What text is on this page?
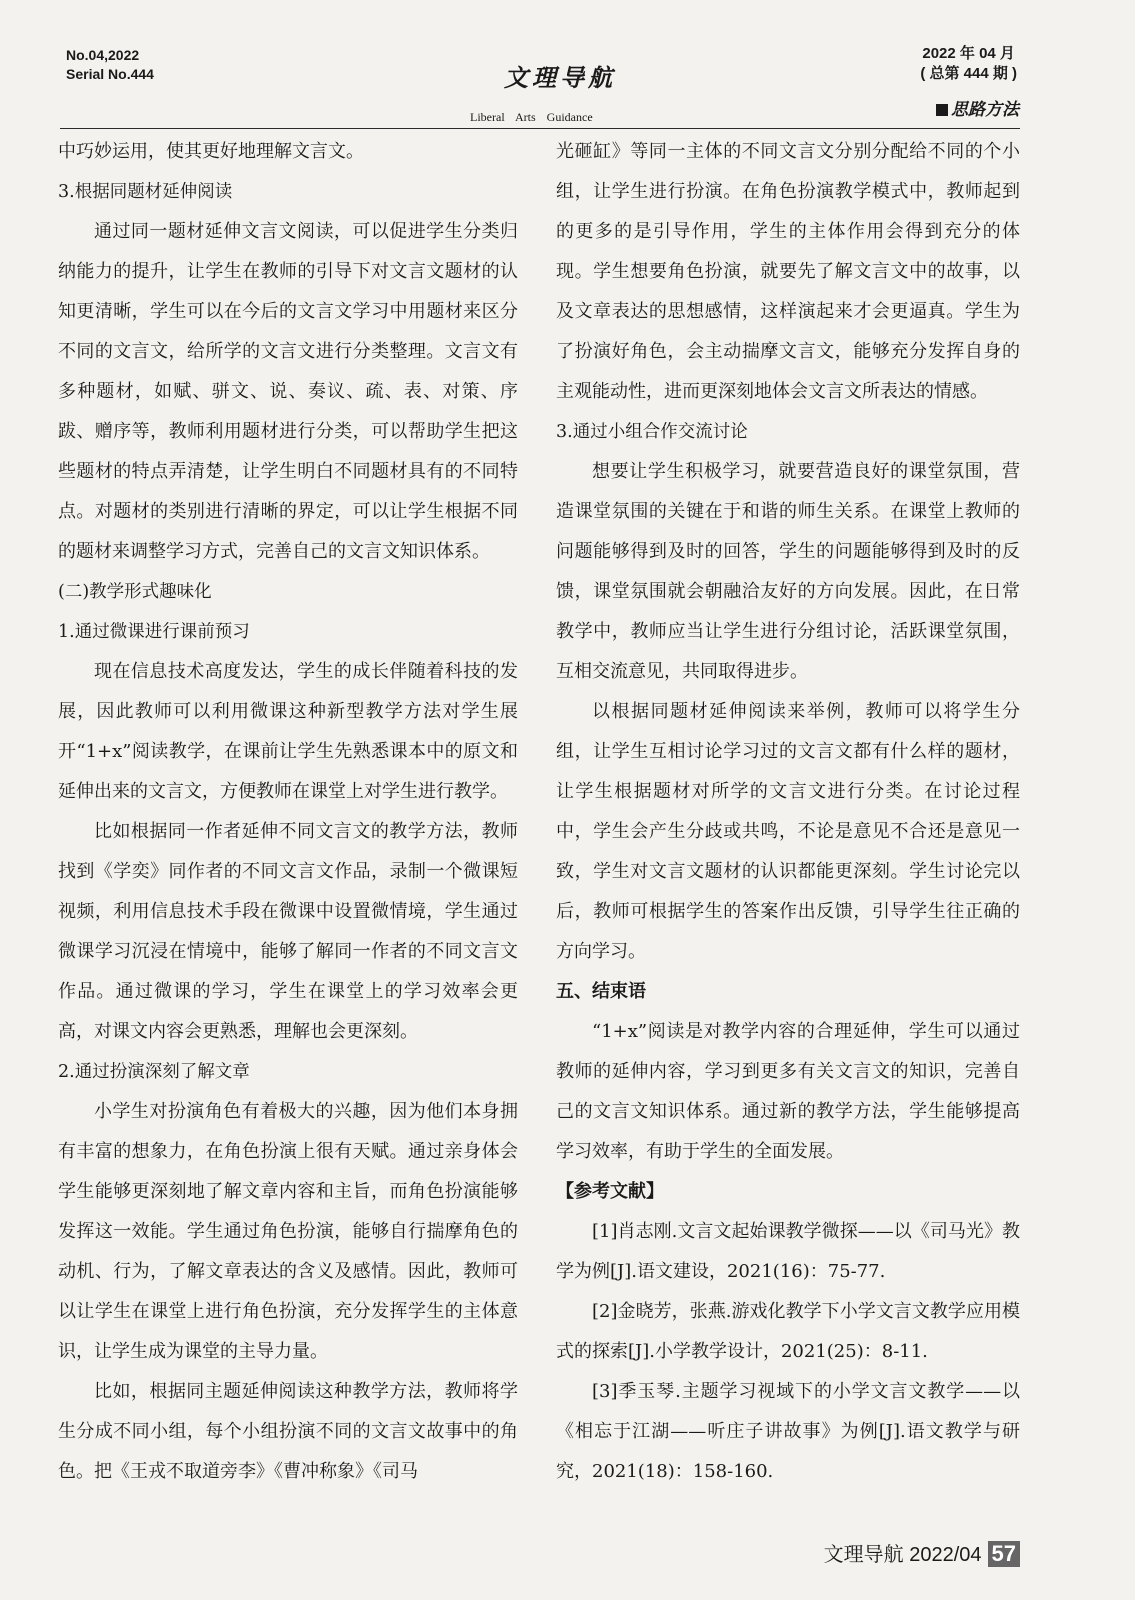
No.04,2022
Serial No.444	文理导航
Liberal Arts Guidance
2022 年 04 月
( 总第 444 期 )
思路方法

中巧妙运用，使其更好地理解文言文。

3.根据同题材延伸阅读

通过同一题材延伸文言文阅读，可以促进学生分类归纳能力的提升，让学生在教师的引导下对文言文题材的认知更清晰，学生可以在今后的文言文学习中用题材来区分不同的文言文，给所学的文言文进行分类整理。文言文有多种题材，如赋、骈文、说、奏议、疏、表、对策、序跋、赠序等，教师利用题材进行分类，可以帮助学生把这些题材的特点弄清楚，让学生明白不同题材具有的不同特点。对题材的类别进行清晰的界定，可以让学生根据不同的题材来调整学习方式，完善自己的文言文知识体系。

(二)教学形式趣味化

1.通过微课进行课前预习

现在信息技术高度发达，学生的成长伴随着科技的发展，因此教师可以利用微课这种新型教学方法对学生展开“1+x”阅读教学，在课前让学生先熟悉课本中的原文和延伸出来的文言文，方便教师在课堂上对学生进行教学。

比如根据同一作者延伸不同文言文的教学方法，教师找到《学奕》同作者的不同文言文作品，录制一个微课短视频，利用信息技术手段在微课中设置微情境，学生通过微课学习沉浸在情境中，能够了解同一作者的不同文言文作品。通过微课的学习，学生在课堂上的学习效率会更高，对课文内容会更熟悉，理解也会更深刻。

2.通过扮演深刻了解文章

小学生对扮演角色有着极大的兴趣，因为他们本身拥有丰富的想象力，在角色扮演上很有天赋。通过亲身体会学生能够更深刻地了解文章内容和主旨，而角色扮演能够发挥这一效能。学生通过角色扮演，能够自行揣摩角色的动机、行为，了解文章表达的含义及感情。因此，教师可以让学生在课堂上进行角色扮演，充分发挥学生的主体意识，让学生成为课堂的主导力量。

比如，根据同主题延伸阅读这种教学方法，教师将学生分成不同小组，每个小组扮演不同的文言文故事中的角色。把《王戎不取道旁李》《曹冲称象》《司马

光砸缸》等同一主体的不同文言文分别分配给不同的个小组，让学生进行扮演。在角色扮演教学模式中，教师起到的更多的是引导作用，学生的主体作用会得到充分的体现。学生想要角色扮演，就要先了解文言文中的故事，以及文章表达的思想感情，这样演起来才会更逼真。学生为了扮演好角色，会主动揣摩文言文，能够充分发挥自身的主观能动性，进而更深刻地体会文言文所表达的情感。

3.通过小组合作交流讨论

想要让学生积极学习，就要营造良好的课堂氛围，营造课堂氛围的关键在于和谐的师生关系。在课堂上教师的问题能够得到及时的回答，学生的问题能够得到及时的反馈，课堂氛围就会朝融洽友好的方向发展。因此，在日常教学中，教师应当让学生进行分组讨论，活跃课堂氛围，互相交流意见，共同取得进步。

以根据同题材延伸阅读来举例，教师可以将学生分组，让学生互相讨论学习过的文言文都有什么样的题材，让学生根据题材对所学的文言文进行分类。在讨论过程中，学生会产生分歧或共鸣，不论是意见不合还是意见一致，学生对文言文题材的认识都能更深刻。学生讨论完以后，教师可根据学生的答案作出反馈，引导学生往正确的方向学习。

五、结束语

“1+x”阅读是对教学内容的合理延伸，学生可以通过教师的延伸内容，学习到更多有关文言文的知识，完善自己的文言文知识体系。通过新的教学方法，学生能够提高学习效率，有助于学生的全面发展。

【参考文献】

[1]肖志刚.文言文起始课教学微探——以《司马光》教学为例[J].语文建设，2021(16)：75-77.

[2]金晓芳，张燕.游戏化教学下小学文言文教学应用模式的探索[J].小学教学设计，2021(25)：8-11.

[3]季玉琴.主题学习视域下的小学文言文教学——以《相忘于江湖——听庄子讲故事》为例[J].语文教学与研究，2021(18)：158-160.

文理导航 2022/04 57
